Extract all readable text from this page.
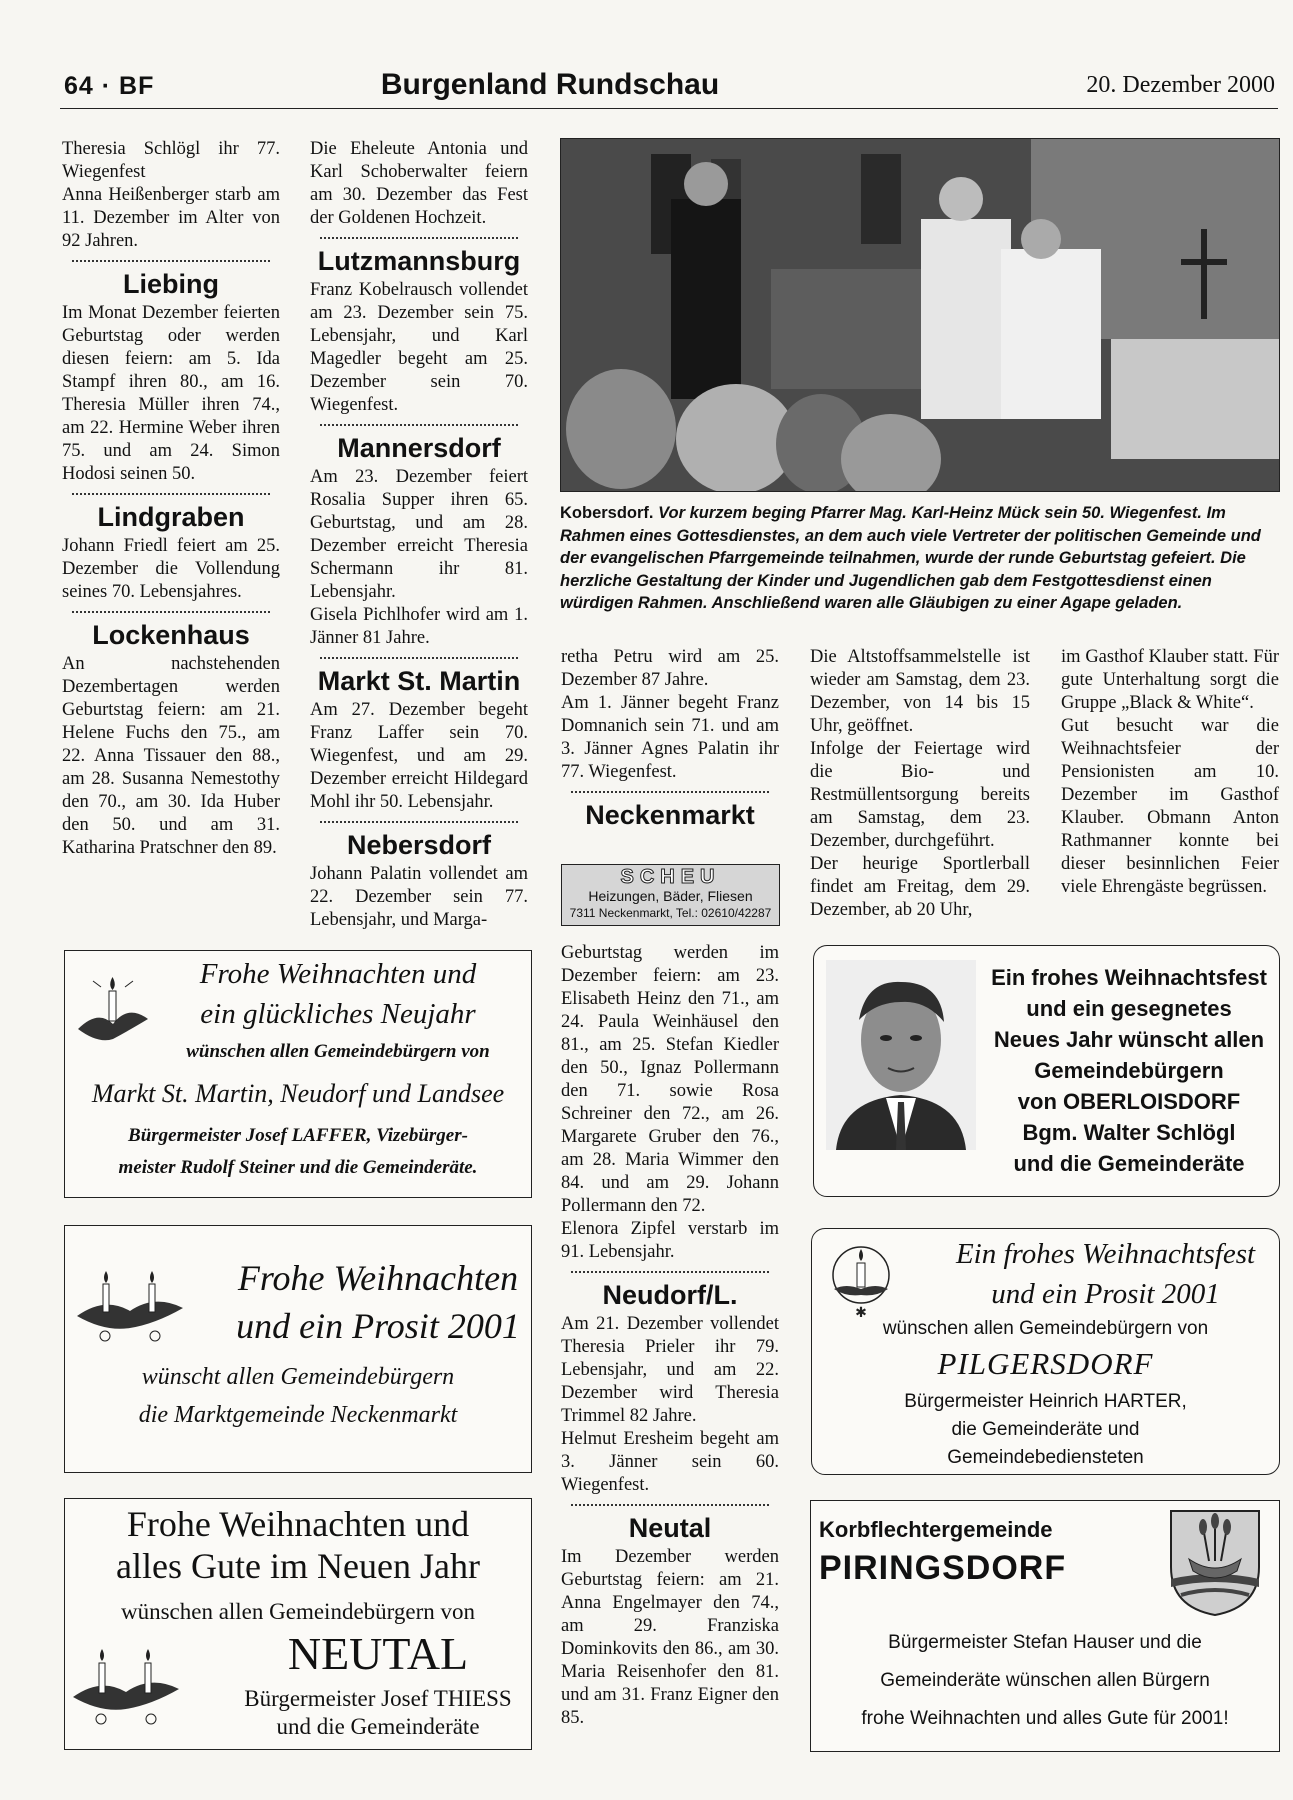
64 · BF	Burgenland Rundschau	20. Dezember 2000

Theresia Schlögl ihr 77. Wiegenfest
Anna Heißenberger starb am 11. Dezember im Alter von 92 Jahren.

Liebing

Im Monat Dezember feierten Geburtstag oder werden diesen feiern: am 5. Ida Stampf ihren 80., am 16. Theresia Müller ihren 74., am 22. Hermine Weber ihren 75. und am 24. Simon Hodosi seinen 50.

Lindgraben

Johann Friedl feiert am 25. Dezember die Vollendung seines 70. Lebensjahres.

Lockenhaus

An nachstehenden Dezembertagen werden Geburtstag feiern: am 21. Helene Fuchs den 75., am 22. Anna Tissauer den 88., am 28. Susanna Nemestothy den 70., am 30. Ida Huber den 50. und am 31. Katharina Pratschner den 89.

Die Eheleute Antonia und Karl Schoberwalter feiern am 30. Dezember das Fest der Goldenen Hochzeit.

Lutzmannsburg

Franz Kobelrausch vollendet am 23. Dezember sein 75. Lebensjahr, und Karl Magedler begeht am 25. Dezember sein 70. Wiegenfest.

Mannersdorf

Am 23. Dezember feiert Rosalia Supper ihren 65. Geburtstag, und am 28. Dezember erreicht Theresia Schermann ihr 81. Lebensjahr.
Gisela Pichlhofer wird am 1. Jänner 81 Jahre.

Markt St. Martin

Am 27. Dezember begeht Franz Laffer sein 70. Wiegenfest, und am 29. Dezember erreicht Hildegard Mohl ihr 50. Lebensjahr.

Nebersdorf

Johann Palatin vollendet am 22. Dezember sein 77. Lebensjahr, und Marga-

Kobersdorf. Vor kurzem beging Pfarrer Mag. Karl-Heinz Mück sein 50. Wiegenfest. Im Rahmen eines Gottesdienstes, an dem auch viele Vertreter der politischen Gemeinde und der evangelischen Pfarrgemeinde teilnahmen, wurde der runde Geburtstag gefeiert. Die herzliche Gestaltung der Kinder und Jugendlichen gab dem Festgottesdienst einen würdigen Rahmen. Anschließend waren alle Gläubigen zu einer Agape geladen.

retha Petru wird am 25. Dezember 87 Jahre.
Am 1. Jänner begeht Franz Domnanich sein 71. und am 3. Jänner Agnes Palatin ihr 77. Wiegenfest.

Neckenmarkt
SCHEU
Heizungen, Bäder, Fliesen
7311 Neckenmarkt, Tel.: 02610/42287

Geburtstag werden im Dezember feiern: am 23. Elisabeth Heinz den 71., am 24. Paula Weinhäusel den 81., am 25. Stefan Kiedler den 50., Ignaz Pollermann den 71. sowie Rosa Schreiner den 72., am 26. Margarete Gruber den 76., am 28. Maria Wimmer den 84. und am 29. Johann Pollermann den 72.
Elenora Zipfel verstarb im 91. Lebensjahr.

Neudorf/L.

Am 21. Dezember vollendet Theresia Prieler ihr 79. Lebensjahr, und am 22. Dezember wird Theresia Trimmel 82 Jahre.
Helmut Eresheim begeht am 3. Jänner sein 60. Wiegenfest.

Neutal

Im Dezember werden Geburtstag feiern: am 21. Anna Engelmayer den 74., am 29. Franziska Dominkovits den 86., am 30. Maria Reisenhofer den 81. und am 31. Franz Eigner den 85.

Die Altstoffsammelstelle ist wieder am Samstag, dem 23. Dezember, von 14 bis 15 Uhr, geöffnet.
Infolge der Feiertage wird die Bio- und Restmüllentsorgung bereits am Samstag, dem 23. Dezember, durchgeführt.
Der heurige Sportlerball findet am Freitag, dem 29. Dezember, ab 20 Uhr,

im Gasthof Klauber statt. Für gute Unterhaltung sorgt die Gruppe „Black & White“.
Gut besucht war die Weihnachtsfeier der Pensionisten am 10. Dezember im Gasthof Klauber. Obmann Anton Rathmanner konnte bei dieser besinnlichen Feier viele Ehrengäste begrüssen.

Frohe Weihnachten und
ein glückliches Neujahr
wünschen allen Gemeindebürgern von
Markt St. Martin, Neudorf und Landsee
Bürgermeister Josef LAFFER, Vizebürger-
meister Rudolf Steiner und die Gemeinderäte.
Frohe Weihnachten
und ein Prosit 2001
wünscht allen Gemeindebürgern
die Marktgemeinde Neckenmarkt
Frohe Weihnachten und
alles Gute im Neuen Jahr
wünschen allen Gemeindebürgern von
NEUTAL
Bürgermeister Josef THIESS
und die Gemeinderäte
Ein frohes Weihnachtsfest
und ein gesegnetes
Neues Jahr wünscht allen
Gemeindebürgern
von OBERLOISDORF
Bgm. Walter Schlögl
und die Gemeinderäte
✱
Ein frohes Weihnachtsfest
und ein Prosit 2001
wünschen allen Gemeindebürgern von
PILGERSDORF
Bürgermeister Heinrich HARTER,
die Gemeinderäte und
Gemeindebediensteten
Korbflechtergemeinde
PIRINGSDORF
Bürgermeister Stefan Hauser und die
Gemeinderäte wünschen allen Bürgern
frohe Weihnachten und alles Gute für 2001!
